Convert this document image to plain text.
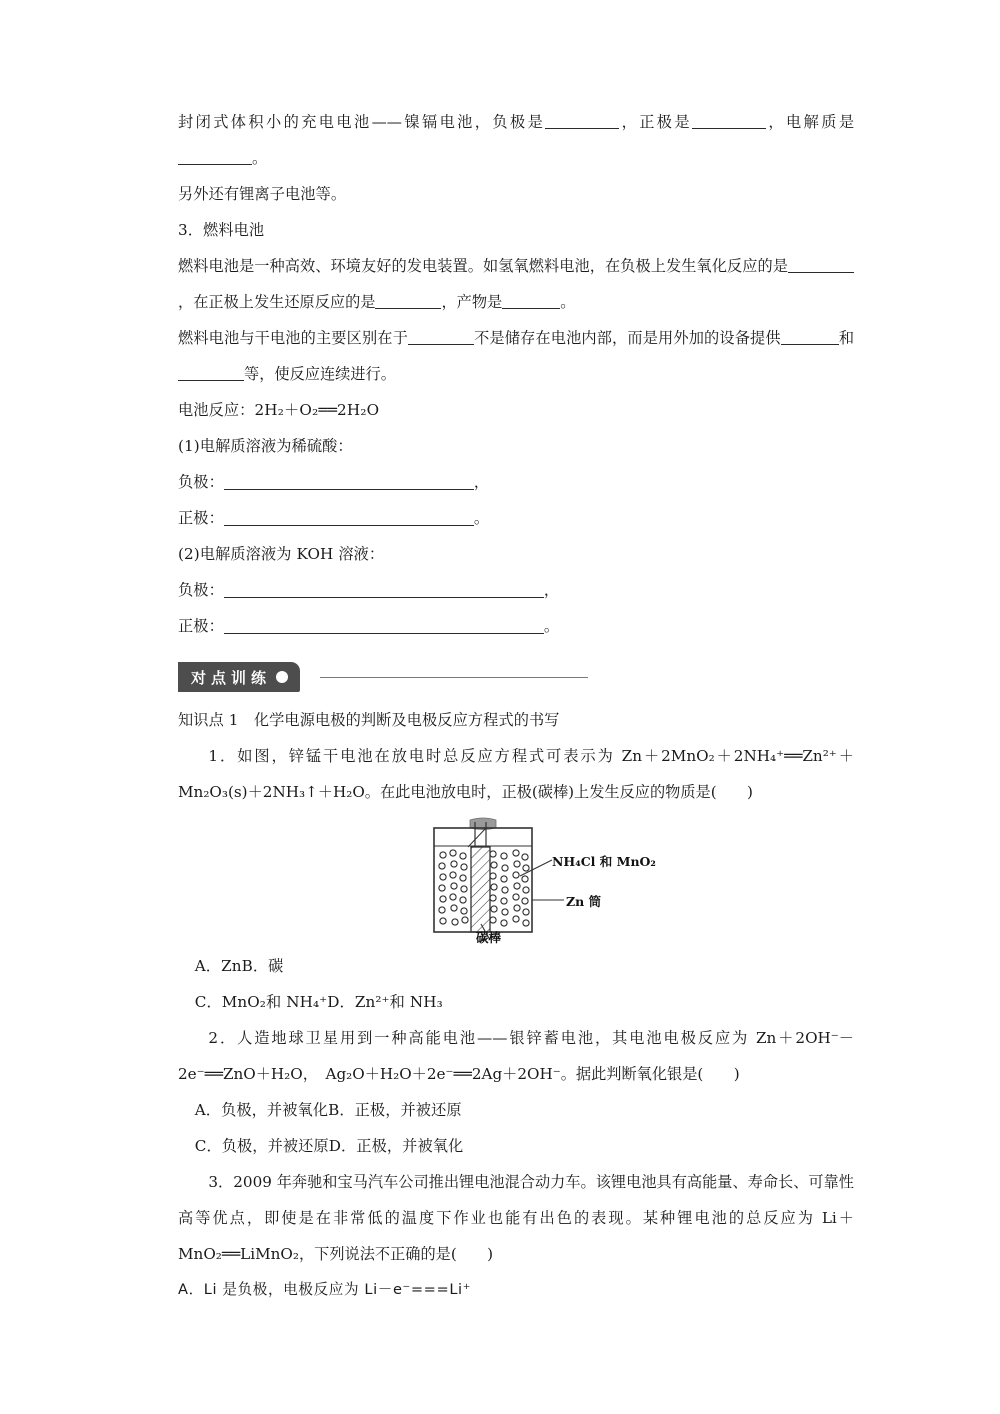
封闭式体积小的充电电池——镍镉电池，负极是	，正极是	，电解质是。
另外还有锂离子电池等。
3．燃料电池
燃料电池是一种高效、环境友好的发电装置。如氢氧燃料电池，在负极上发生氧化反应的是，在正极上发生还原反应的是	，产物是	。
燃料电池与干电池的主要区别在于	不是储存在电池内部，而是用外加的设备提供	和等，使反应连续进行。
电池反应：2H₂＋O₂══2H₂O
(1)电解质溶液为稀硫酸：
负极：	，
正极：	。
(2)电解质溶液为 KOH 溶液：
负极：	，
正极：	。
对点训练
知识点 1　化学电源电极的判断及电极反应方程式的书写
1．如图，锌锰干电池在放电时总反应方程式可表示为 Zn＋2MnO₂＋2NH₄⁺══Zn²⁺＋Mn₂O₃(s)＋2NH₃↑＋H₂O。在此电池放电时，正极(碳棒)上发生反应的物质是(　　)
NH₄Cl 和 MnO₂
Zn 筒
碳棒
A．ZnB．碳
C．MnO₂和 NH₄⁺D．Zn²⁺和 NH₃
2．人造地球卫星用到一种高能电池——银锌蓄电池，其电池电极反应为 Zn＋2OH⁻－2e⁻══ZnO＋H₂O，　Ag₂O＋H₂O＋2e⁻══2Ag＋2OH⁻。据此判断氧化银是(　　)
A．负极，并被氧化B．正极，并被还原
C．负极，并被还原D．正极，并被氧化
3．2009 年奔驰和宝马汽车公司推出锂电池混合动力车。该锂电池具有高能量、寿命长、可靠性高等优点，即使是在非常低的温度下作业也能有出色的表现。某种锂电池的总反应为 Li＋MnO₂══LiMnO₂，下列说法不正确的是(　　)
A．Li 是负极，电极反应为 Li－e⁻===Li⁺
